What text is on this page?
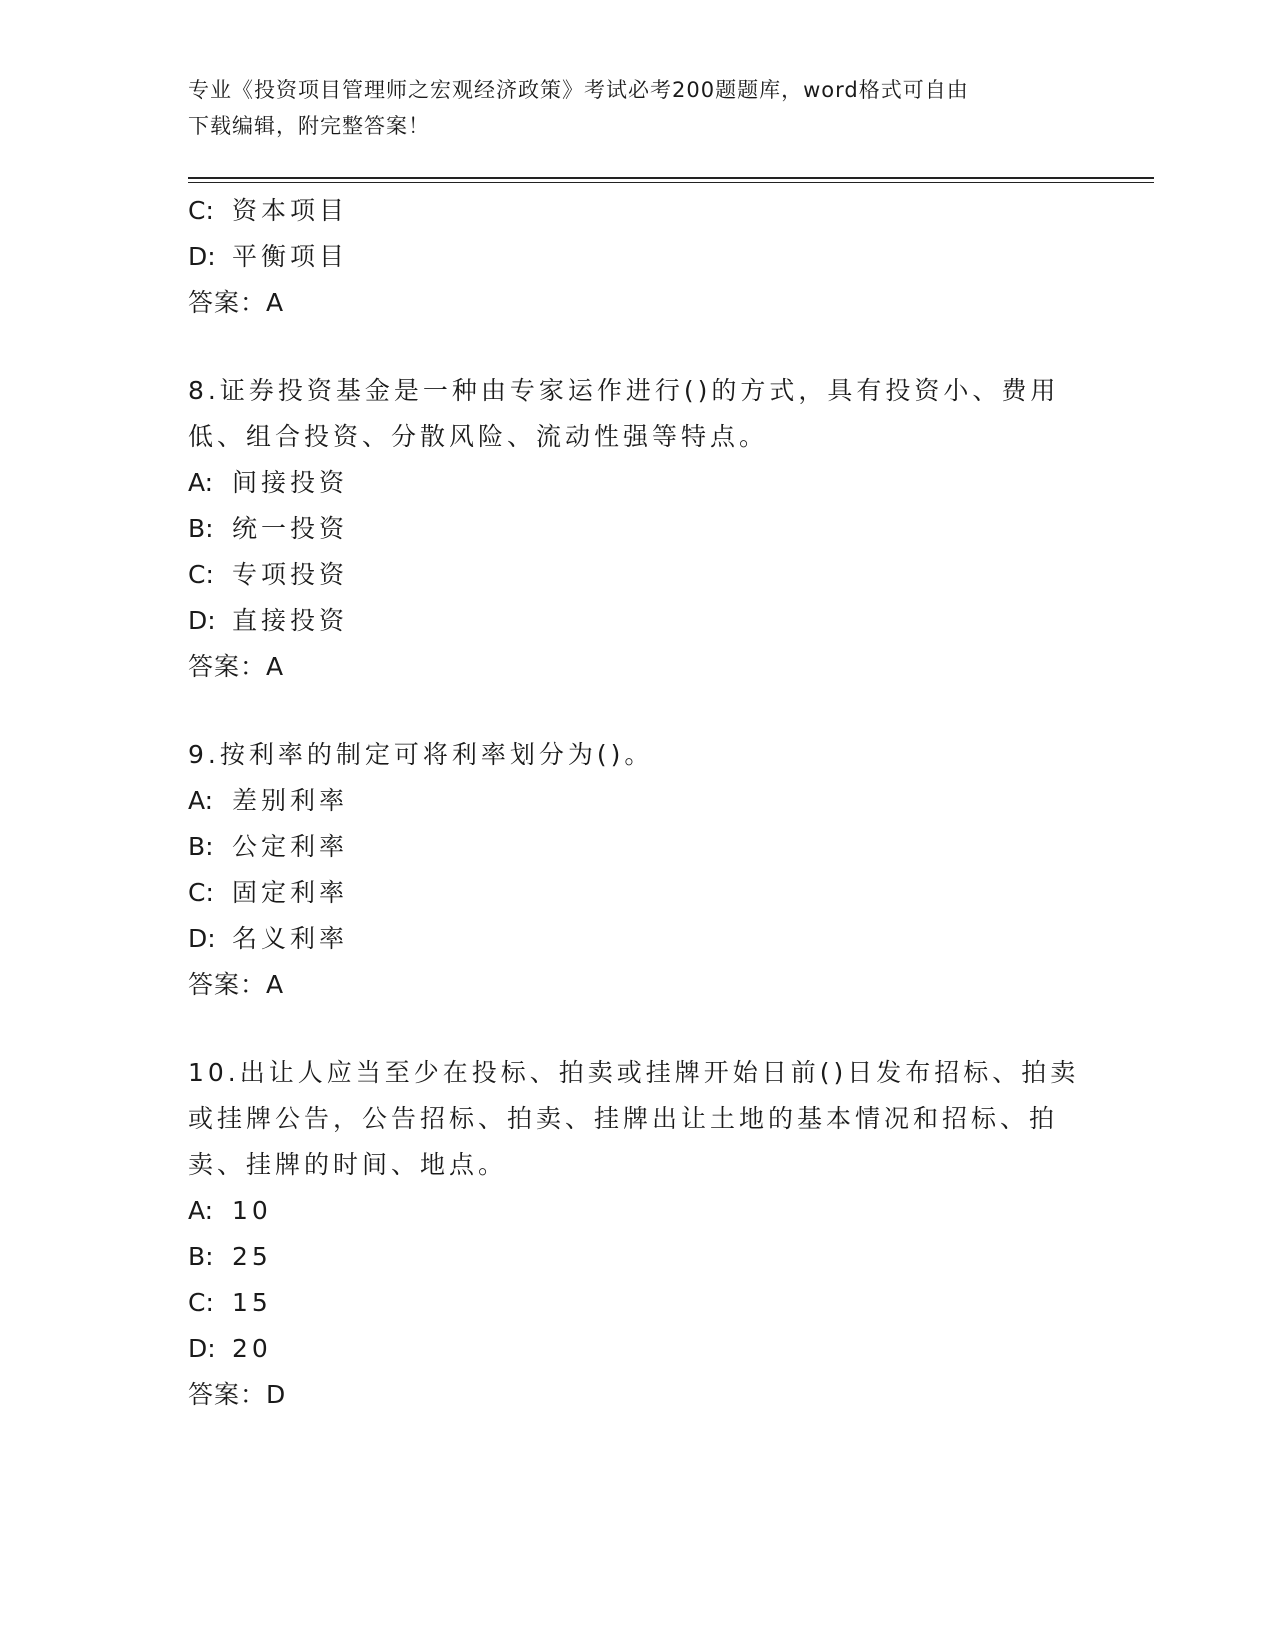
专业《投资项目管理师之宏观经济政策》考试必考200题题库，word格式可自由
下载编辑，附完整答案！
C: 资本项目
D: 平衡项目
答案：A
8.证券投资基金是一种由专家运作进行()的方式，具有投资小、费用
低、组合投资、分散风险、流动性强等特点。
A: 间接投资
B: 统一投资
C: 专项投资
D: 直接投资
答案：A
9.按利率的制定可将利率划分为()。
A: 差别利率
B: 公定利率
C: 固定利率
D: 名义利率
答案：A
10.出让人应当至少在投标、拍卖或挂牌开始日前()日发布招标、拍卖
或挂牌公告，公告招标、拍卖、挂牌出让土地的基本情况和招标、拍
卖、挂牌的时间、地点。
A: 10
B: 25
C: 15
D: 20
答案：D
